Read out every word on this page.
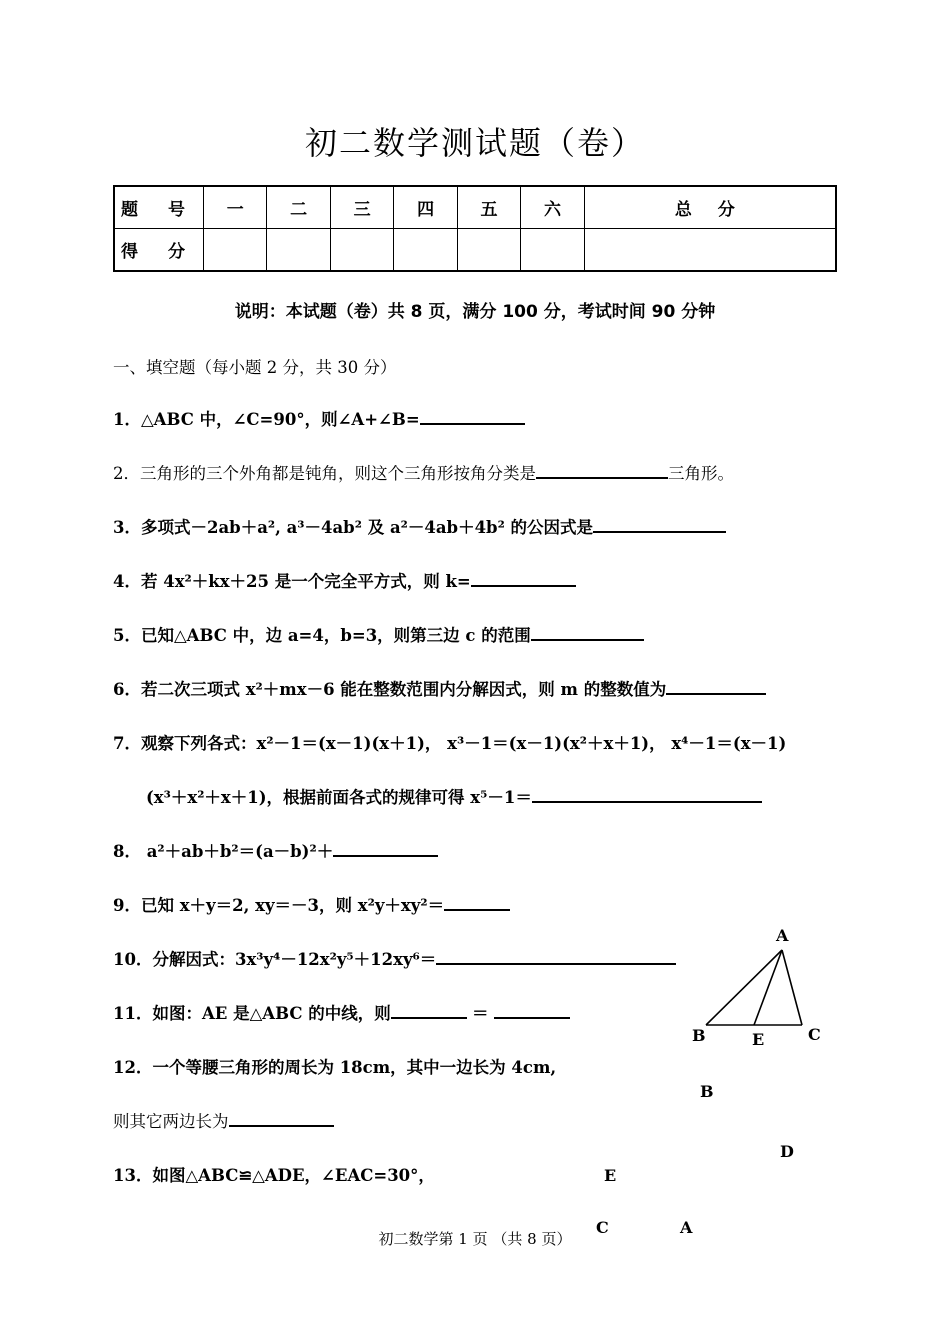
初二数学测试题（卷）
题 号	一	二	三	四	五	六	总 分
得 分							
说明：本试题（卷）共 8 页，满分 100 分，考试时间 90 分钟
一、填空题（每小题 2 分，共 30 分）
1．△ABC 中，∠C=90°，则∠A+∠B=
2．三角形的三个外角都是钝角，则这个三角形按角分类是	三角形。
3．多项式－2ab＋a², a³－4ab² 及 a²－4ab＋4b² 的公因式是
4．若 4x²＋kx＋25 是一个完全平方式，则 k=
5．已知△ABC 中，边 a=4，b=3，则第三边 c 的范围
6．若二次三项式 x²＋mx－6 能在整数范围内分解因式，则 m 的整数值为
7．观察下列各式：x²－1＝(x－1)(x＋1)， x³－1＝(x－1)(x²＋x＋1)， x⁴－1＝(x－1)
(x³＋x²＋x＋1)，根据前面各式的规律可得 x⁵－1＝
8． a²＋ab＋b²＝(a－b)²＋
9．已知 x＋y＝2, xy＝－3，则 x²y＋xy²＝
10．分解因式：3x³y⁴－12x²y⁵＋12xy⁶＝
11．如图：AE 是△ABC 的中线，则	＝
12．一个等腰三角形的周长为 18cm，其中一边长为 4cm,
则其它两边长为
13．如图△ABC≌△ADE，∠EAC=30°，
A
B	E	C
B
D
E
C	A
初二数学第 1 页 （共 8 页）
